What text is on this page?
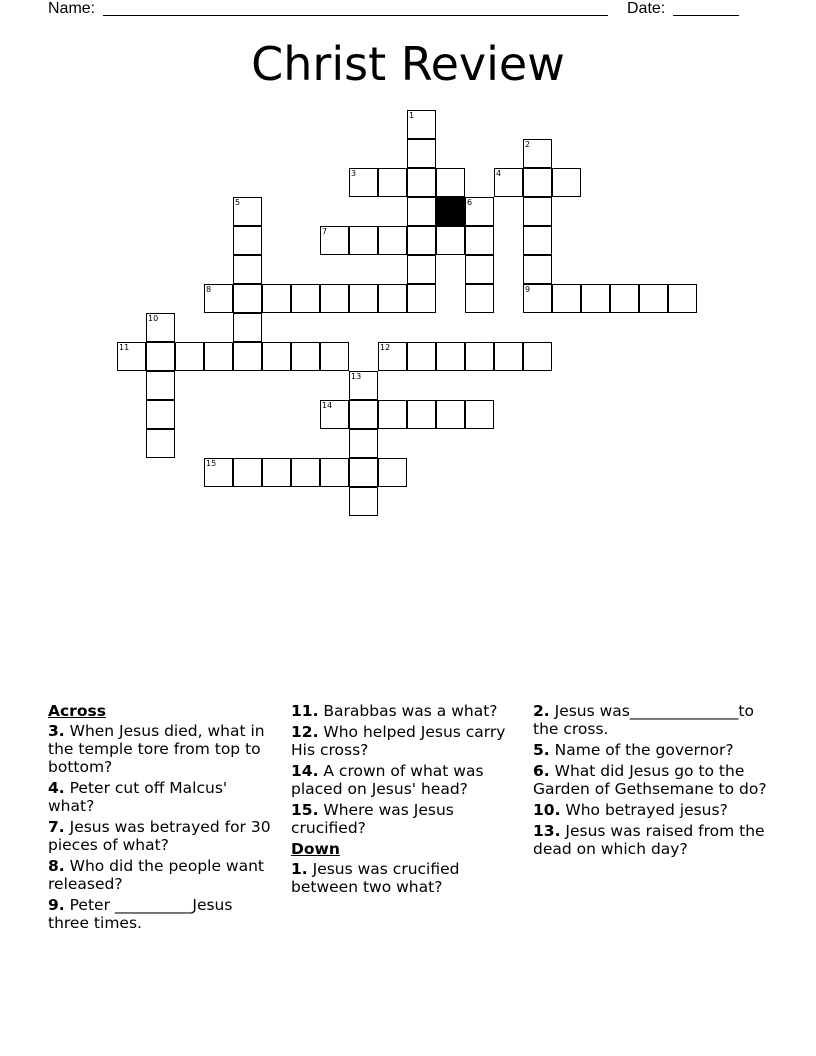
Name:	Date:
Christ Review
1
2
3	4
5	6
7
8	9
10
11	12
13
14
15
Across
3. When Jesus died, what in the temple tore from top to bottom?
4. Peter cut off Malcus' what?
7. Jesus was betrayed for 30 pieces of what?
8. Who did the people want released?
9. Peter __________Jesus three times.
11. Barabbas was a what?
12. Who helped Jesus carry His cross?
14. A crown of what was placed on Jesus' head?
15. Where was Jesus crucified?
Down
1. Jesus was crucified between two what?
2. Jesus was______________to the cross.
5. Name of the governor?
6. What did Jesus go to the Garden of Gethsemane to do?
10. Who betrayed jesus?
13. Jesus was raised from the dead on which day?
